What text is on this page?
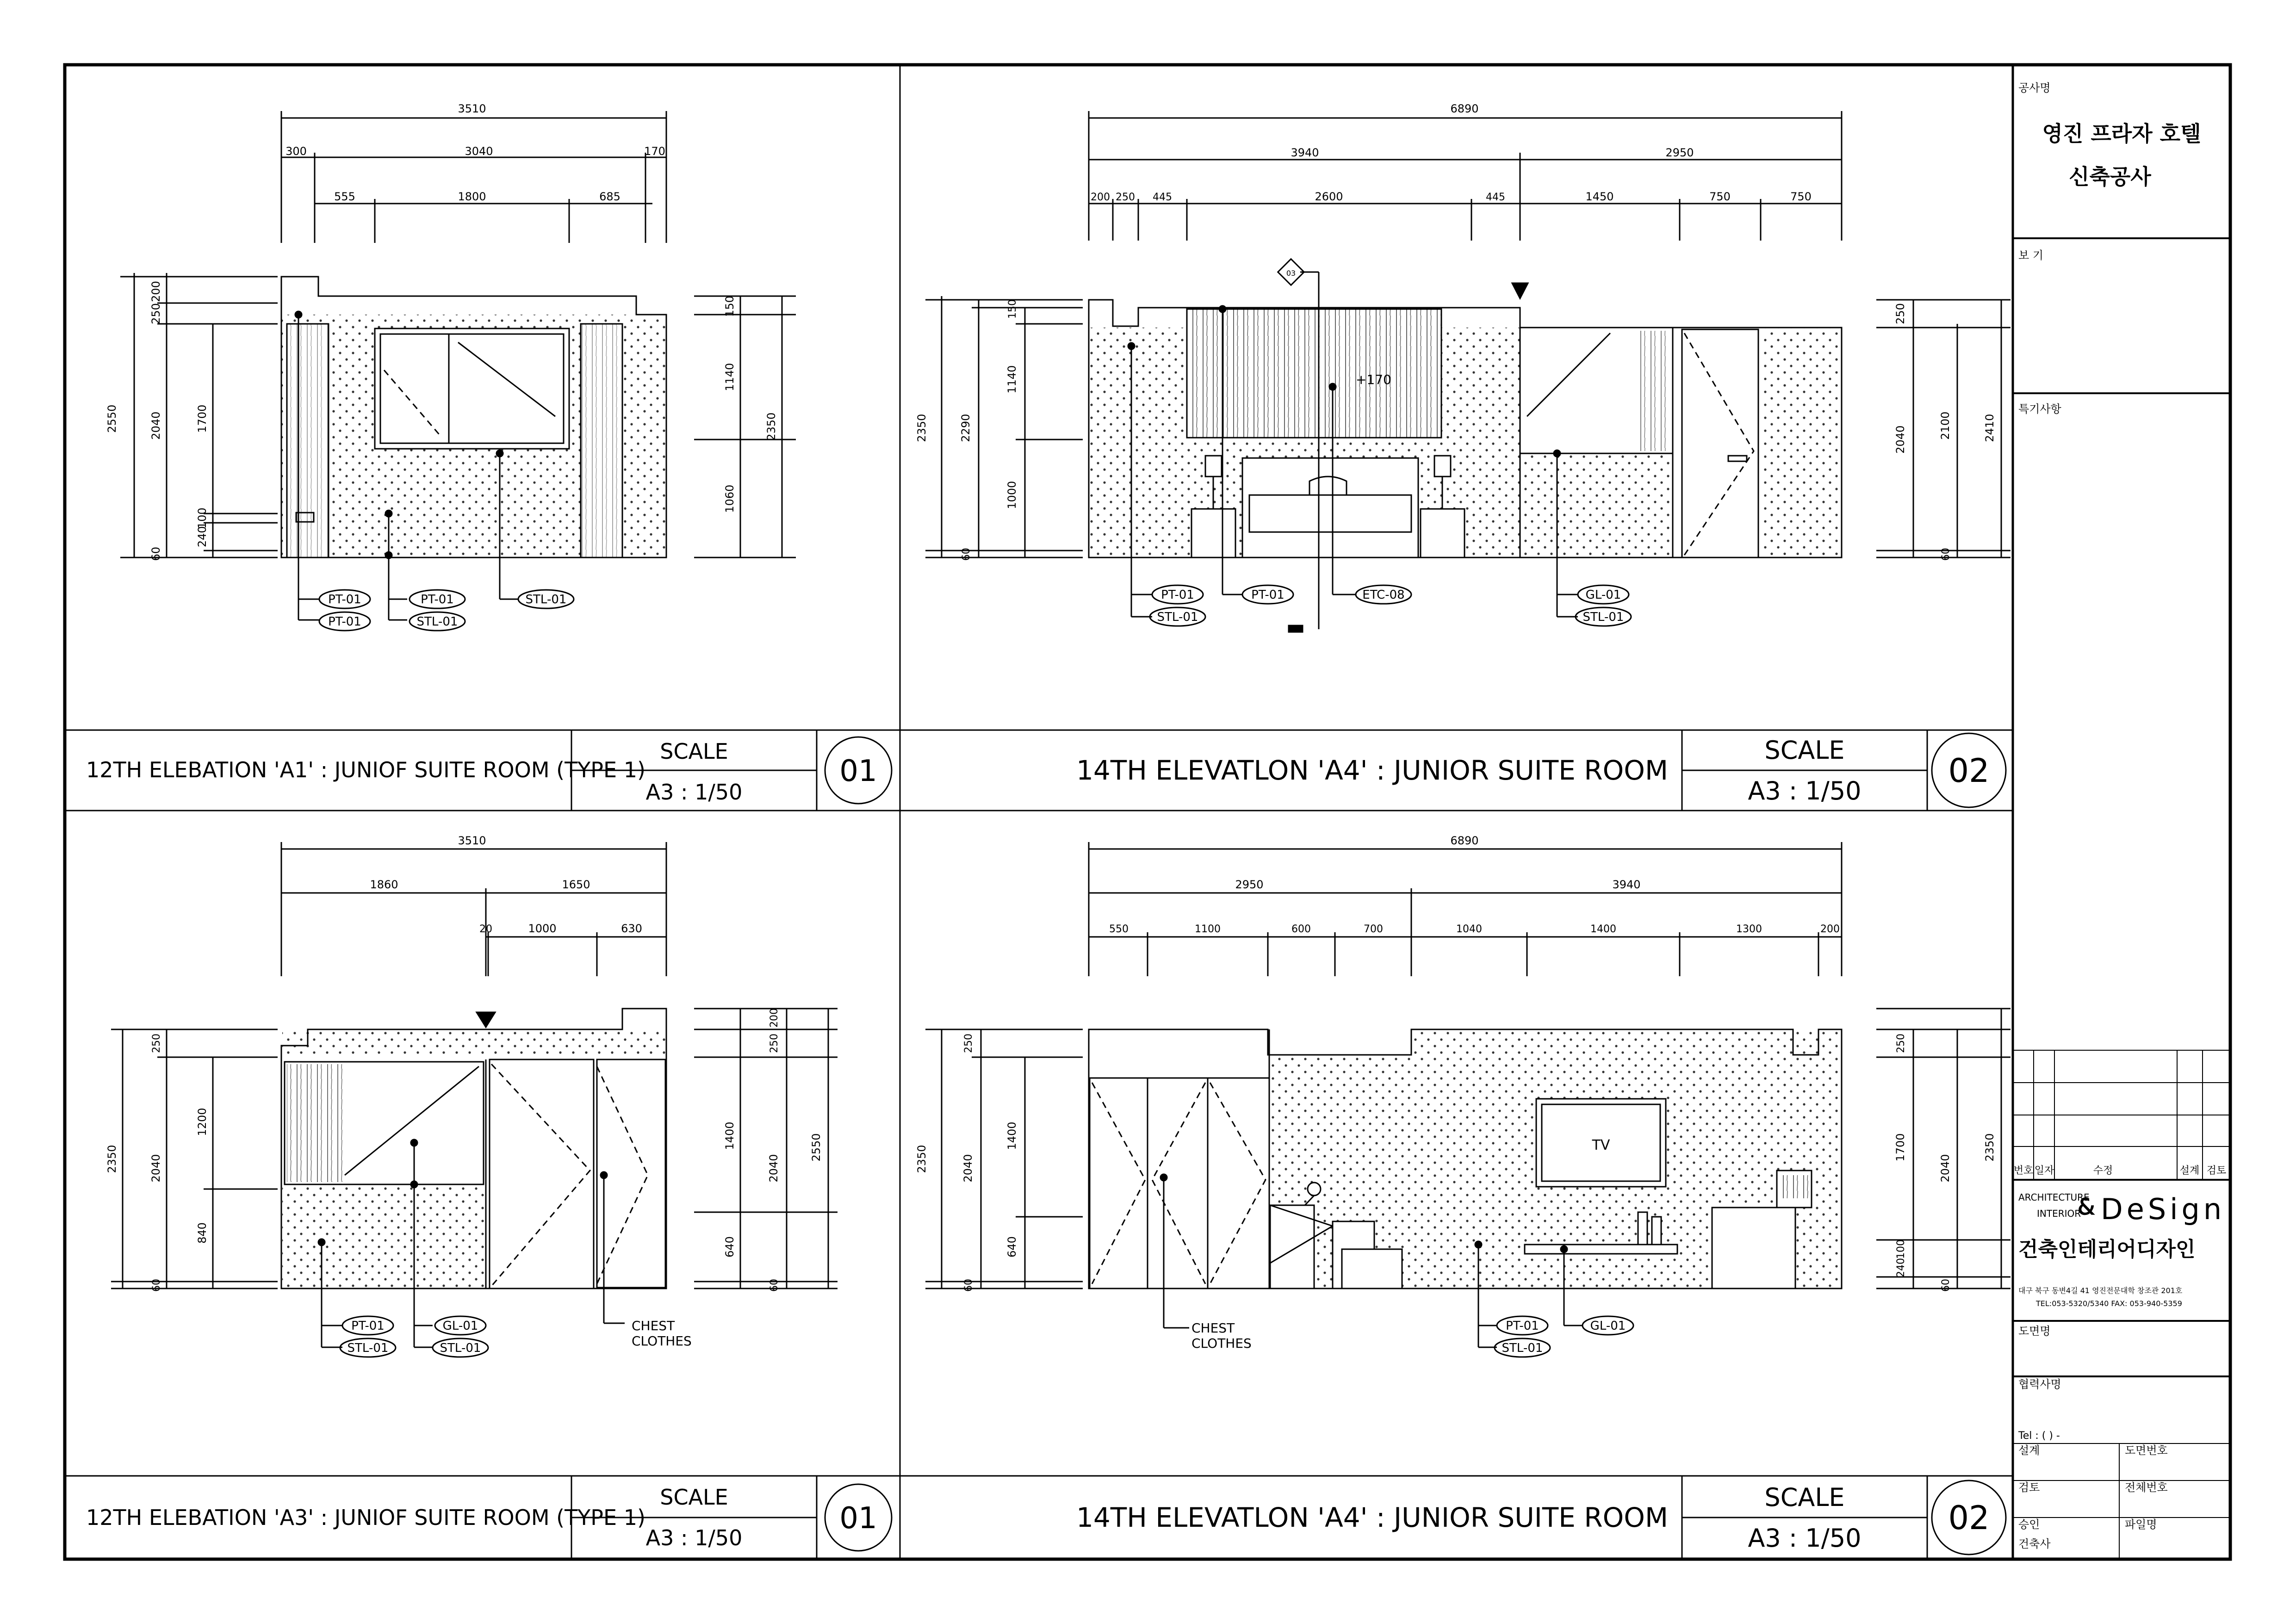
12TH ELEBATION 'A1' : JUNIOF SUITE ROOM (TYPE 1)
SCALE
A3 : 1/50
01	14TH ELEVATLON 'A4' : JUNIOR SUITE ROOM
SCALE
A3 : 1/50
02
12TH ELEBATION 'A3' : JUNIOF SUITE ROOM (TYPE 1)
SCALE
A3 : 1/50
01	14TH ELEVATLON 'A4' : JUNIOR SUITE ROOM
SCALE
A3 : 1/50
02
3510
300	3040	170
555	1800	685
2550
200
250
2040	1700
240
100
60
150
1140
1060
2350
PT-01
PT-01
PT-01
STL-01
STL-01
03
6890
3940	2950
200 250 445	2600	445	1450	750	750
2350	2290
150
1140
1000
60
250
2040	2100	2410
60
+170
PT-01
STL-01
PT-01	ETC-08	GL-01
STL-01
3510
1860	1650
20	1000	630
2350
250
2040
1200
840
60
200
250
1400
2040
2550
640
60
PT-01
STL-01
GL-01
STL-01
CHEST
CLOTHES
TV
6890
2950	3940
550	1100	600	700	1040	1400	1300	200
2350
250
2040
1400
640
60
250
1700
2040
2350
240
100
60
PT-01
STL-01
GL-01
CHEST
CLOTHES
공사명
영진 프라자 호텔
신축공사
보 기
특기사항
번호 일자	수정	설계 검토
ARCHITECTURE
INTERIOR
& DeSign
건축인테리어디자인
대구 북구 동변4길 41 영진전문대학 창조관 201호
TEL:053-5320/5340 FAX: 053-940-5359
도면명
협력사명
Tel : ( ) -
설계	도면번호
검토	전체번호
승인	파일명
건축사
